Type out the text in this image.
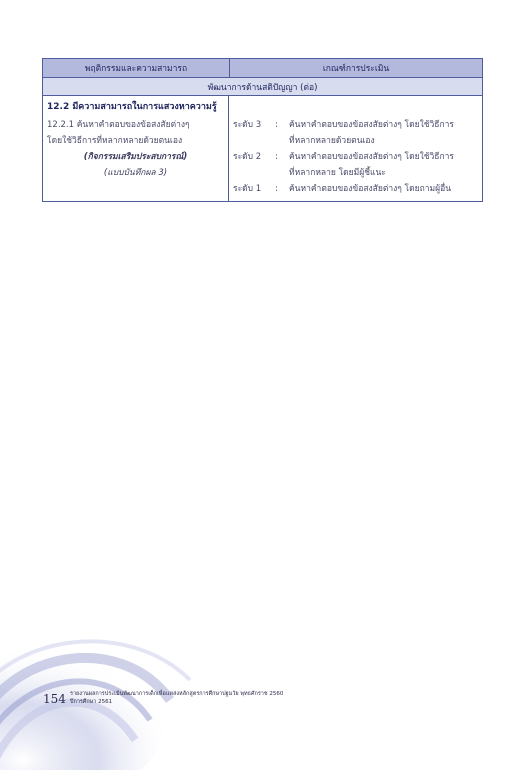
พฤติกรรมและความสามารถ	เกณฑ์การประเมิน
พัฒนาการด้านสติปัญญา (ต่อ)
12.2 มีความสามารถในการแสวงหาความรู้
12.2.1 ค้นหาคำตอบของข้อสงสัยต่างๆ
โดยใช้วิธีการที่หลากหลายด้วยตนเอง
(กิจกรรมเสริมประสบการณ์)
(แบบบันทึกผล 3)
ระดับ 3	:	ค้นหาคำตอบของข้อสงสัยต่างๆ โดยใช้วิธีการ
ที่หลากหลายด้วยตนเอง
ระดับ 2	:	ค้นหาคำตอบของข้อสงสัยต่างๆ โดยใช้วิธีการ
ที่หลากหลาย โดยมีผู้ชี้แนะ
ระดับ 1	:	ค้นหาคำตอบของข้อสงสัยต่างๆ โดยถามผู้อื่น
154 รายงานผลการประเมินพัฒนาการเด็กเพื่อแหล่งหลักสูตรการศึกษาปฐมวัย พุทธศักราช 2560
ปีการศึกษา 2561
